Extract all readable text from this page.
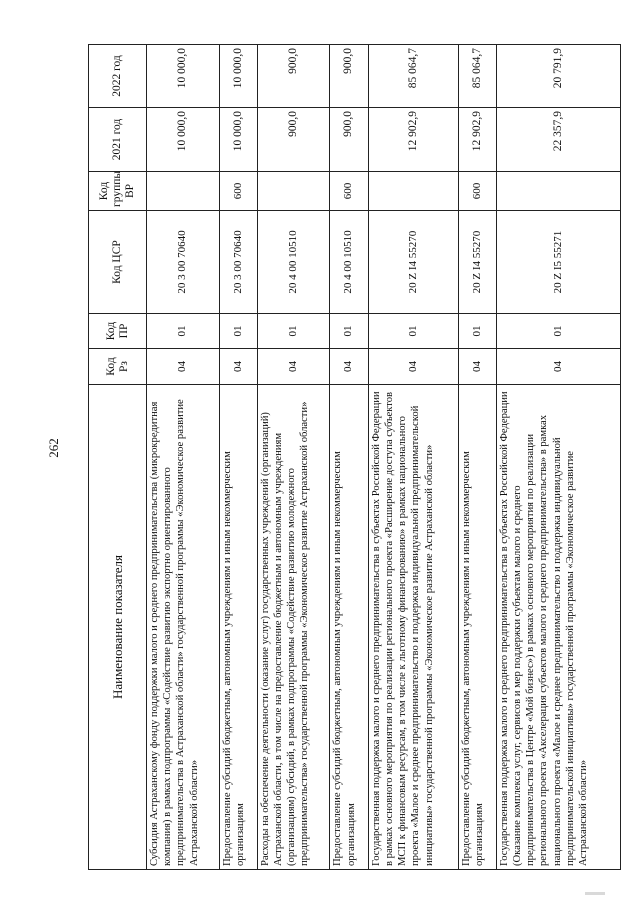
262
Наименование показателя	Код Рз	Код ПР	Код ЦСР	Код группы ВР	2021 год	2022 год
Субсидия Астраханскому фонду поддержки малого и среднего предпринимательства (микрокредитная компания) в рамках подпрограммы «Содействие развитию экспортно ориентированного предпринимательства в Астраханской области» государственной программы «Экономическое развитие Астраханской области»	04	01	20 3 00 70640		10 000,0	10 000,0
Предоставление субсидий бюджетным, автономным учреждениям и иным некоммерческим организациям	04	01	20 3 00 70640	600	10 000,0	10 000,0
Расходы на обеспечение деятельности (оказание услуг) государственных учреждений (организаций) Астраханской области, в том числе на предоставление бюджетным и автономным учреждениям (организациям) субсидий, в рамках подпрограммы «Содействие развитию молодежного предпринимательства» государственной программы «Экономическое развитие Астраханской области»	04	01	20 4 00 10510		900,0	900,0
Предоставление субсидий бюджетным, автономным учреждениям и иным некоммерческим организациям	04	01	20 4 00 10510	600	900,0	900,0
Государственная поддержка малого и среднего предпринимательства в субъектах Российской Федерации в рамках основного мероприятия по реализации регионального проекта «Расширение доступа субъектов МСП к финансовым ресурсам, в том числе к льготному финансированию» в рамках национального проекта «Малое и среднее предпринимательство и поддержка индивидуальной предпринимательской инициативы» государственной программы «Экономическое развитие Астраханской области»	04	01	20 Z I4 55270		12 902,9	85 064,7
Предоставление субсидий бюджетным, автономным учреждениям и иным некоммерческим организациям	04	01	20 Z I4 55270	600	12 902,9	85 064,7
Государственная поддержка малого и среднего предпринимательства в субъектах Российской Федерации (Оказание комплекса услуг, сервисов и мер поддержки субъектам малого и среднего предпринимательства в Центре «Мой бизнес») в рамках основного мероприятия по реализации регионального проекта «Акселерация субъектов малого и среднего предпринимательства» в рамках национального проекта «Малое и среднее предпринимательство и поддержка индивидуальной предпринимательской инициативы» государственной программы «Экономическое развитие Астраханской области»	04	01	20 Z I5 55271		22 357,9	20 791,9
